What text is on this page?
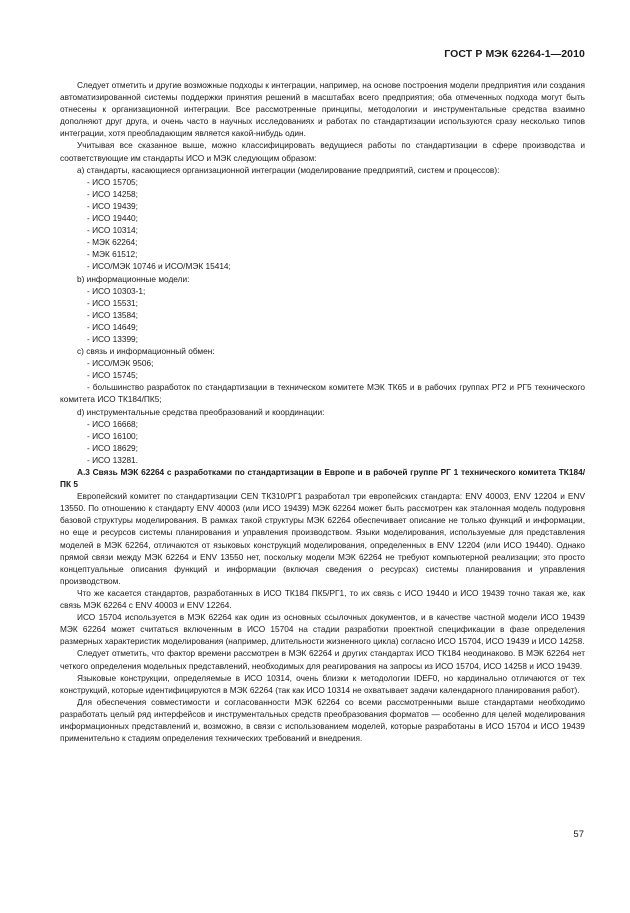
ГОСТ Р МЭК 62264-1—2010

Следует отметить и другие возможные подходы к интеграции, например, на основе построения модели предприятия или создания автоматизированной системы поддержки принятия решений в масштабах всего предприятия; оба отмеченных подхода могут быть отнесены к организационной интеграции. Все рассмотренные принципы, методологии и инструментальные средства взаимно дополняют друг друга, и очень часто в научных исследованиях и работах по стандартизации используются сразу несколько типов интеграции, хотя преобладающим является какой-нибудь один.

Учитывая все сказанное выше, можно классифицировать ведущиеся работы по стандартизации в сфере производства и соответствующие им стандарты ИСО и МЭК следующим образом:

а) стандарты, касающиеся организационной интеграции (моделирование предприятий, систем и процессов):

- ИСО 15705;

- ИСО 14258;

- ИСО 19439;

- ИСО 19440;

- ИСО 10314;

- МЭК 62264;

- МЭК 61512;

- ИСО/МЭК 10746 и ИСО/МЭК 15414;

b) информационные модели:

- ИСО 10303-1;

- ИСО 15531;

- ИСО 13584;

- ИСО 14649;

- ИСО 13399;

c) связь и информационный обмен:

- ИСО/МЭК 9506;

- ИСО 15745;

- большинство разработок по стандартизации в техническом комитете МЭК ТК65 и в рабочих группах РГ2 и РГ5 технического комитета ИСО ТК184/ПК5;

d) инструментальные средства преобразований и координации:

- ИСО 16668;

- ИСО 16100;

- ИСО 18629;

- ИСО 13281.

А.3 Связь МЭК 62264 с разработками по стандартизации в Европе и в рабочей группе РГ 1 технического комитета ТК184/ПК 5

Европейский комитет по стандартизации CEN ТК310/РГ1 разработал три европейских стандарта: ENV 40003, ENV 12204 и ENV 13550. По отношению к стандарту ENV 40003 (или ИСО 19439) МЭК 62264 может быть рассмотрен как эталонная модель подуровня базовой структуры моделирования. В рамках такой структуры МЭК 62264 обеспечивает описание не только функций и информации, но еще и ресурсов системы планирования и управления производством. Языки моделирования, используемые для представления моделей в МЭК 62264, отличаются от языковых конструкций моделирования, определенных в ENV 12204 (или ИСО 19440). Однако прямой связи между МЭК 62264 и ENV 13550 нет, поскольку модели МЭК 62264 не требуют компьютерной реализации; это просто концептуальные описания функций и информации (включая сведения о ресурсах) системы планирования и управления производством.

Что же касается стандартов, разработанных в ИСО ТК184 ПК5/РГ1, то их связь с ИСО 19440 и ИСО 19439 точно такая же, как связь МЭК 62264 с ENV 40003 и ENV 12264.

ИСО 15704 используется в МЭК 62264 как один из основных ссылочных документов, и в качестве частной модели ИСО 19439 МЭК 62264 может считаться включенным в ИСО 15704 на стадии разработки проектной спецификации в фазе определения размерных характеристик моделирования (например, длительности жизненного цикла) согласно ИСО 15704, ИСО 19439 и ИСО 14258.

Следует отметить, что фактор времени рассмотрен в МЭК 62264 и других стандартах ИСО ТК184 неодинаково. В МЭК 62264 нет четкого определения модельных представлений, необходимых для реагирования на запросы из ИСО 15704, ИСО 14258 и ИСО 19439.

Языковые конструкции, определяемые в ИСО 10314, очень близки к методологии IDEF0, но кардинально отличаются от тех конструкций, которые идентифицируются в МЭК 62264 (так как ИСО 10314 не охватывает задачи календарного планирования работ).

Для обеспечения совместимости и согласованности МЭК 62264 со всеми рассмотренными выше стандартами необходимо разработать целый ряд интерфейсов и инструментальных средств преобразования форматов — особенно для целей моделирования информационных представлений и, возможно, в связи с использованием моделей, которые разработаны в ИСО 15704 и ИСО 19439 применительно к стадиям определения технических требований и внедрения.

57
